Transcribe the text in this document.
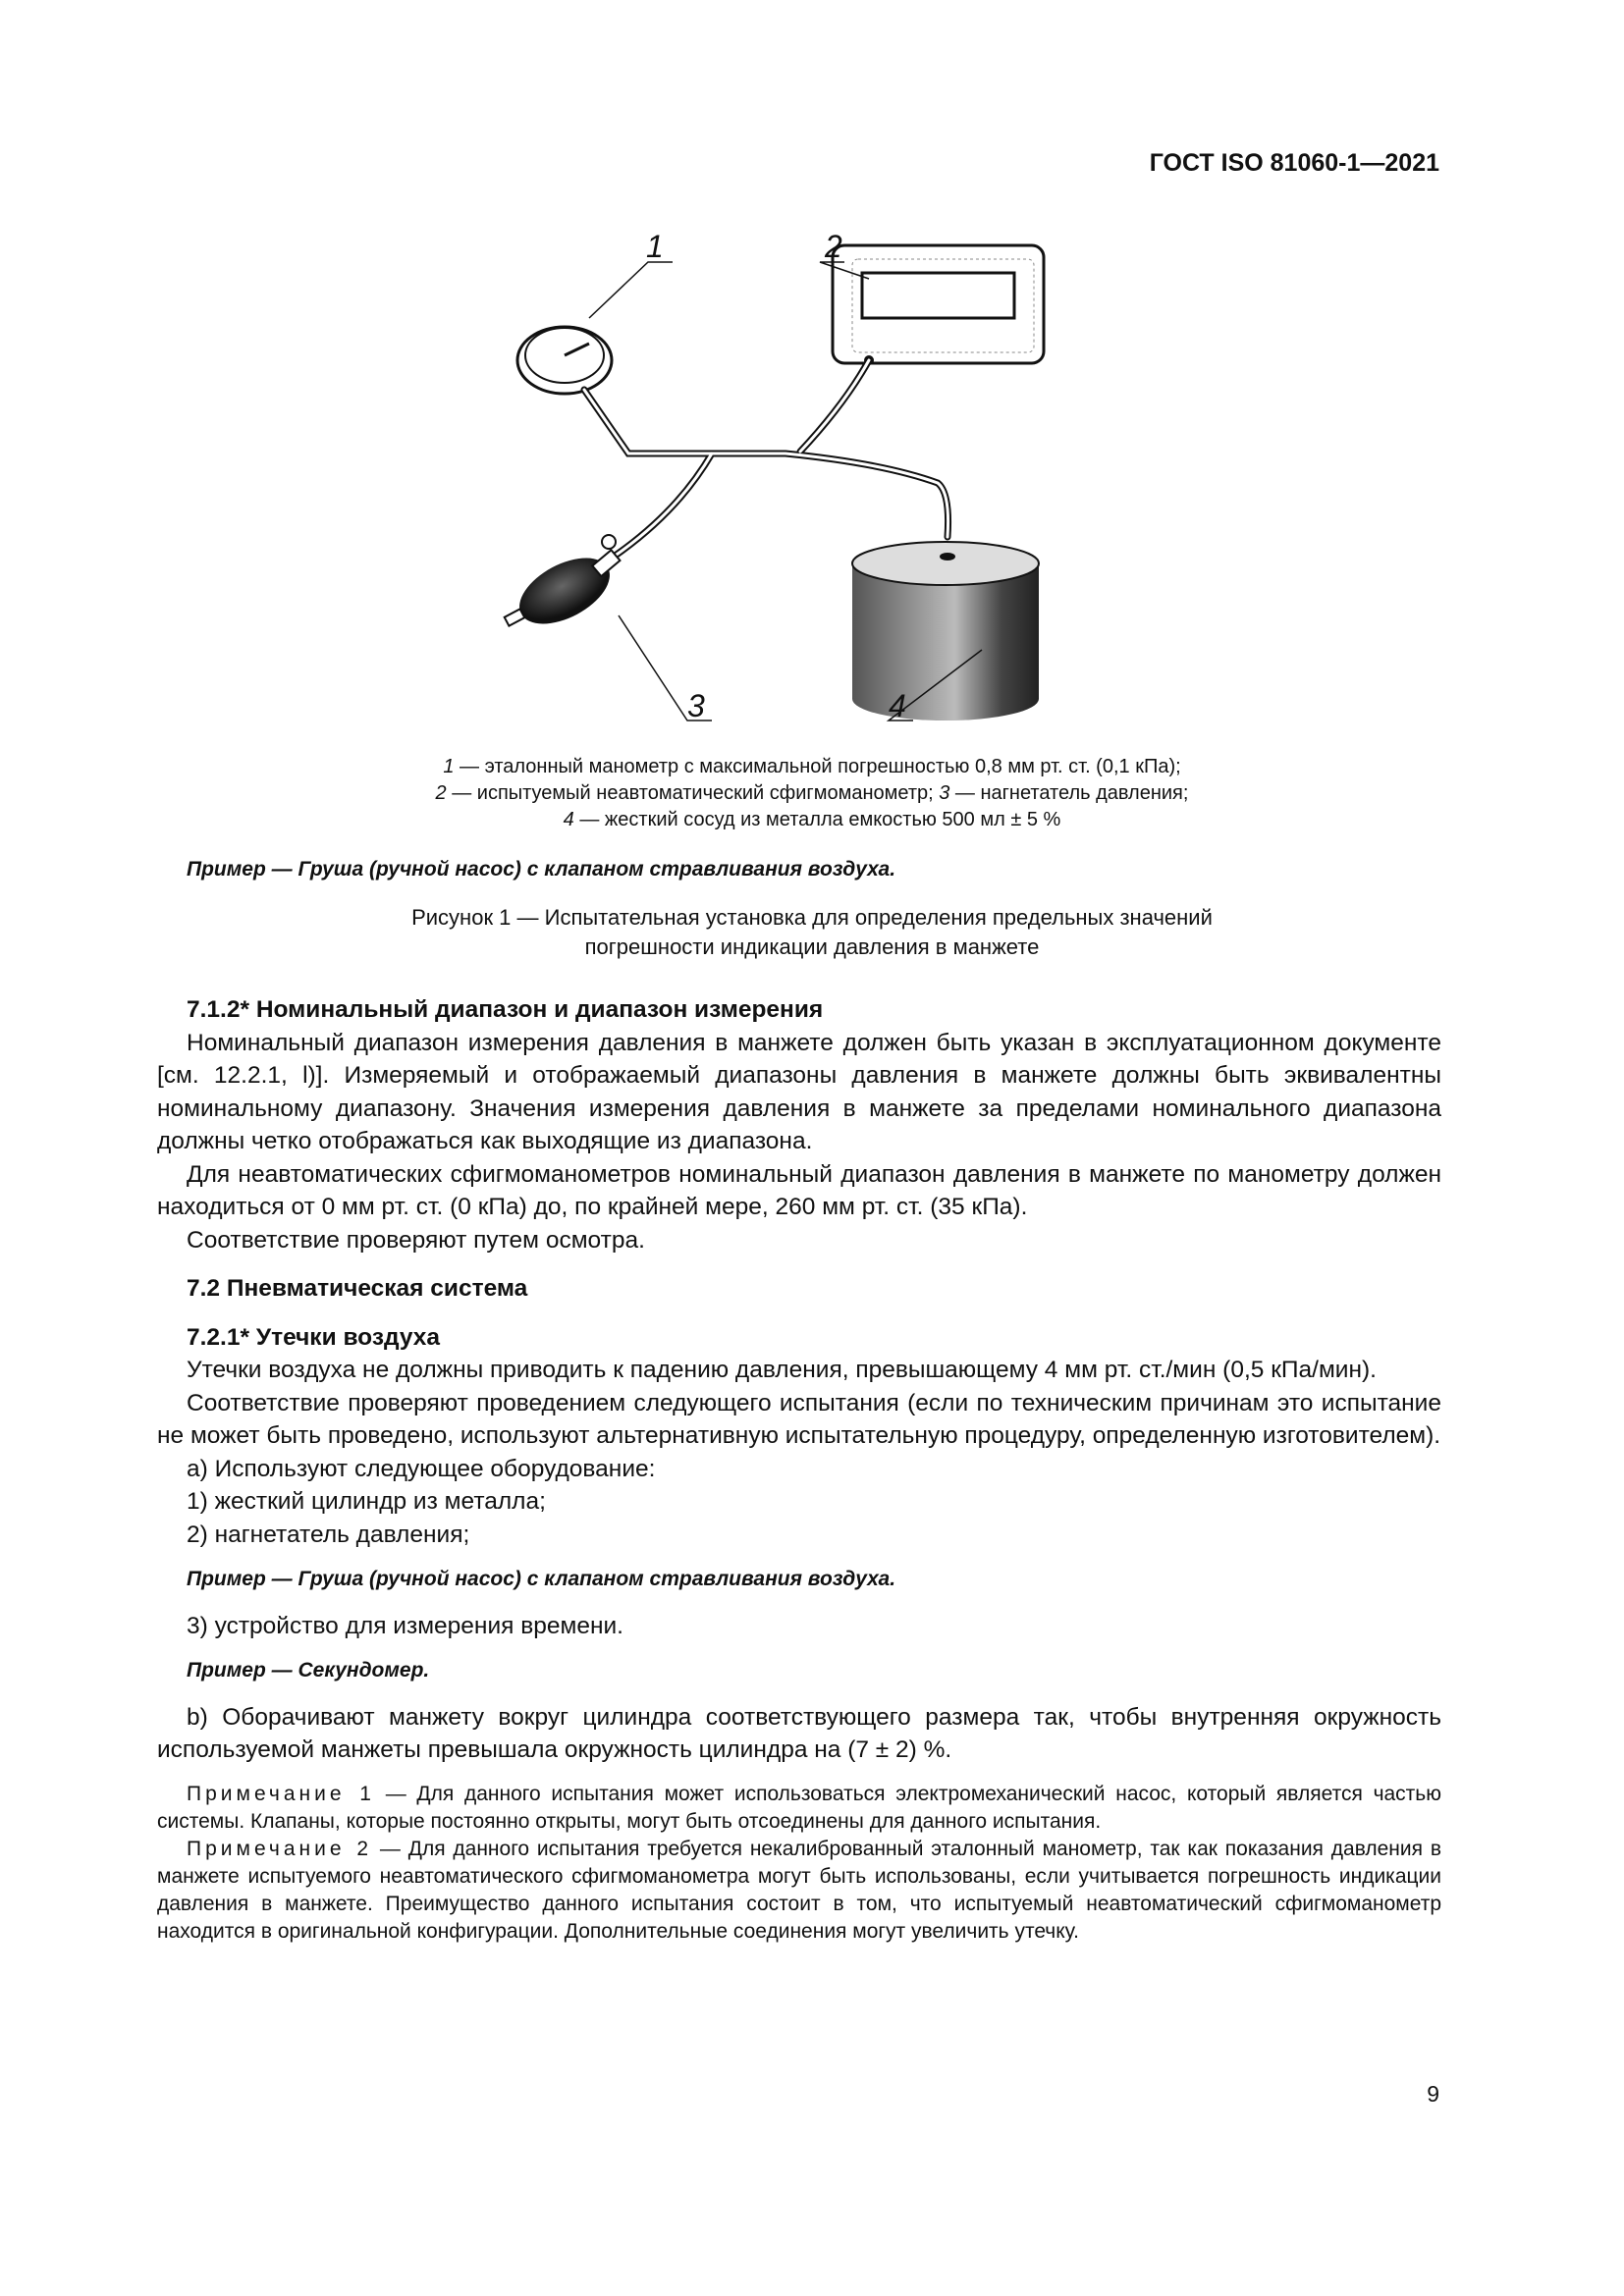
ГОСТ ISO 81060-1—2021
1	2
3	4
1 — эталонный манометр с максимальной погрешностью 0,8 мм рт. ст. (0,1 кПа);
2 — испытуемый неавтоматический сфигмоманометр; 3 — нагнетатель давления;
4 — жесткий сосуд из металла емкостью 500 мл ± 5 %
Пример — Груша (ручной насос) с клапаном стравливания воздуха.
Рисунок 1 — Испытательная установка для определения предельных значений
погрешности индикации давления в манжете
7.1.2* Номинальный диапазон и диапазон измерения

Номинальный диапазон измерения давления в манжете должен быть указан в эксплуатационном документе [см. 12.2.1, l)]. Измеряемый и отображаемый диапазоны давления в манжете должны быть эквивалентны номинальному диапазону. Значения измерения давления в манжете за пределами номинального диапазона должны четко отображаться как выходящие из диапазона.

Для неавтоматических сфигмоманометров номинальный диапазон давления в манжете по манометру должен находиться от 0 мм рт. ст. (0 кПа) до, по крайней мере, 260 мм рт. ст. (35 кПа).

Соответствие проверяют путем осмотра.

7.2 Пневматическая система
7.2.1* Утечки воздуха

Утечки воздуха не должны приводить к падению давления, превышающему 4 мм рт. ст./мин (0,5 кПа/мин).

Соответствие проверяют проведением следующего испытания (если по техническим причинам это испытание не может быть проведено, используют альтернативную испытательную процедуру, определенную изготовителем).

a) Используют следующее оборудование:

1) жесткий цилиндр из металла;

2) нагнетатель давления;

Пример — Груша (ручной насос) с клапаном стравливания воздуха.

3) устройство для измерения времени.

Пример — Секундомер.

b) Оборачивают манжету вокруг цилиндра соответствующего размера так, чтобы внутренняя окружность используемой манжеты превышала окружность цилиндра на (7 ± 2) %.

Примечание 1 — Для данного испытания может использоваться электромеханический насос, который является частью системы. Клапаны, которые постоянно открыты, могут быть отсоединены для данного испытания.

Примечание 2 — Для данного испытания требуется некалиброванный эталонный манометр, так как показания давления в манжете испытуемого неавтоматического сфигмоманометра могут быть использованы, если учитывается погрешность индикации давления в манжете. Преимущество данного испытания состоит в том, что испытуемый неавтоматический сфигмоманометр находится в оригинальной конфигурации. Дополнительные соединения могут увеличить утечку.

9
